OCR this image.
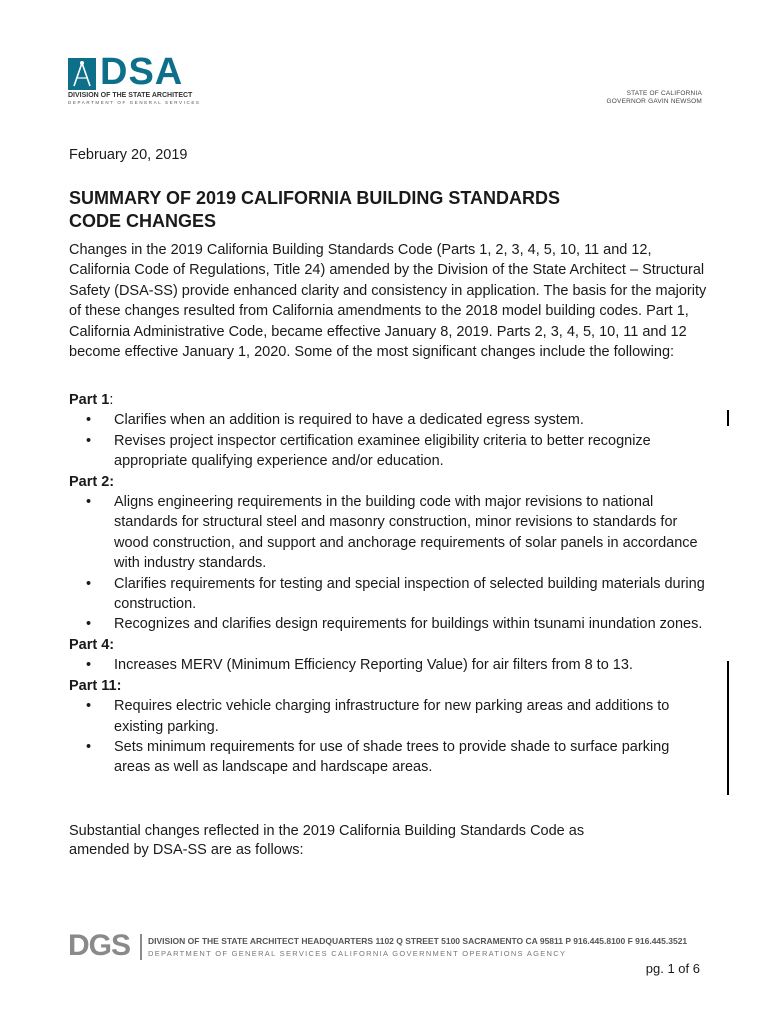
DSA
DIVISION OF THE STATE ARCHITECT
DEPARTMENT OF GENERAL SERVICES
STATE OF CALIFORNIA
GOVERNOR GAVIN NEWSOM
February 20, 2019
SUMMARY OF 2019 CALIFORNIA BUILDING STANDARDS
CODE CHANGES
Changes in the 2019 California Building Standards Code (Parts 1, 2, 3, 4, 5, 10, 11 and 12, California Code of Regulations, Title 24) amended by the Division of the State Architect – Structural Safety (DSA-SS) provide enhanced clarity and consistency in application. The basis for the majority of these changes resulted from California amendments to the 2018 model building codes. Part 1, California Administrative Code, became effective January 8, 2019. Parts 2, 3, 4, 5, 10, 11 and 12 become effective January 1, 2020. Some of the most significant changes include the following:
Part 1:
• Clarifies when an addition is required to have a dedicated egress system.
• Revises project inspector certification examinee eligibility criteria to better recognize appropriate qualifying experience and/or education.
Part 2:
• Aligns engineering requirements in the building code with major revisions to national standards for structural steel and masonry construction, minor revisions to standards for wood construction, and support and anchorage requirements of solar panels in accordance with industry standards.
• Clarifies requirements for testing and special inspection of selected building materials during construction.
• Recognizes and clarifies design requirements for buildings within tsunami inundation zones.
Part 4:
• Increases MERV (Minimum Efficiency Reporting Value) for air filters from 8 to 13.
Part 11:
• Requires electric vehicle charging infrastructure for new parking areas and additions to existing parking.
• Sets minimum requirements for use of shade trees to provide shade to surface parking areas as well as landscape and hardscape areas.
Substantial changes reflected in the 2019 California Building Standards Code as
amended by DSA-SS are as follows:
DGS DIVISION OF THE STATE ARCHITECT HEADQUARTERS 1102 Q STREET 5100 SACRAMENTO CA 95811 P 916.445.8100 F 916.445.3521
DEPARTMENT OF GENERAL SERVICES CALIFORNIA GOVERNMENT OPERATIONS AGENCY
pg. 1 of 6
